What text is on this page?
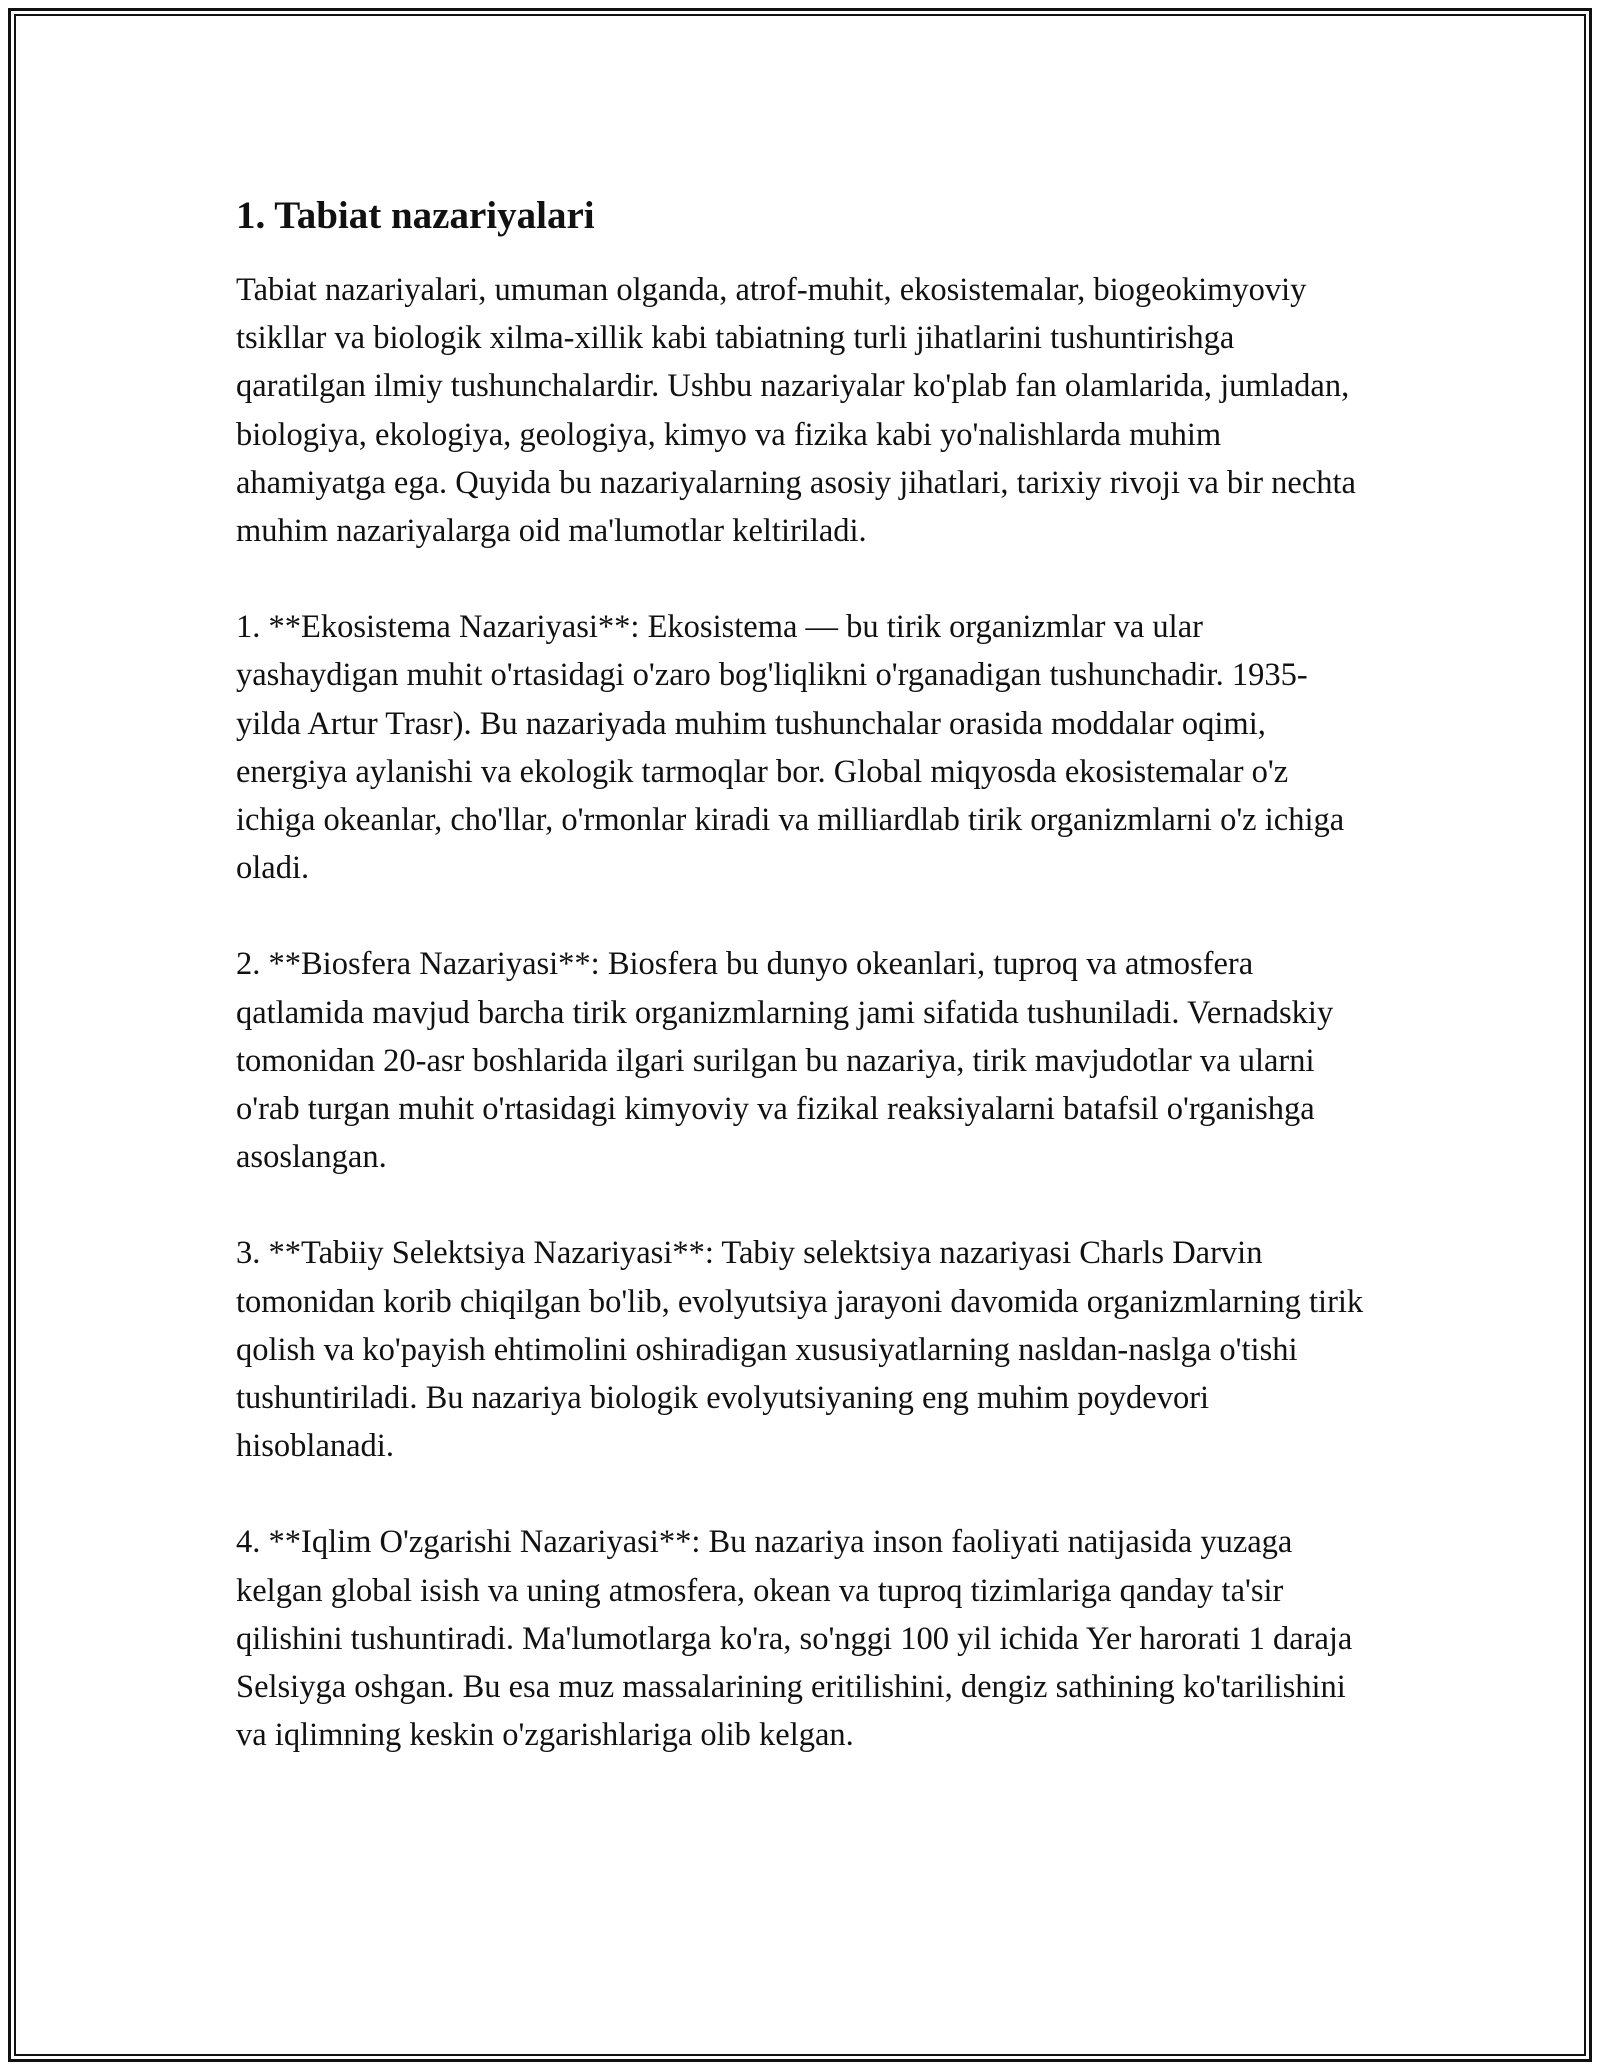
1. Tabiat nazariyalari

Tabiat nazariyalari, umuman olganda, atrof-muhit, ekosistemalar, biogeokimyoviy tsikllar va biologik xilma-xillik kabi tabiatning turli jihatlarini tushuntirishga qaratilgan ilmiy tushunchalardir. Ushbu nazariyalar ko'plab fan olamlarida, jumladan, biologiya, ekologiya, geologiya, kimyo va fizika kabi yo'nalishlarda muhim ahamiyatga ega. Quyida bu nazariyalarning asosiy jihatlari, tarixiy rivoji va bir nechta muhim nazariyalarga oid ma'lumotlar keltiriladi.

1. **Ekosistema Nazariyasi**: Ekosistema — bu tirik organizmlar va ular yashaydigan muhit o'rtasidagi o'zaro bog'liqlikni o'rganadigan tushunchadir. 1935-yilda Artur Trasr). Bu nazariyada muhim tushunchalar orasida moddalar oqimi, energiya aylanishi va ekologik tarmoqlar bor. Global miqyosda ekosistemalar o'z ichiga okeanlar, cho'llar, o'rmonlar kiradi va milliardlab tirik organizmlarni o'z ichiga oladi.

2. **Biosfera Nazariyasi**: Biosfera bu dunyo okeanlari, tuproq va atmosfera qatlamida mavjud barcha tirik organizmlarning jami sifatida tushuniladi. Vernadskiy tomonidan 20-asr boshlarida ilgari surilgan bu nazariya, tirik mavjudotlar va ularni o'rab turgan muhit o'rtasidagi kimyoviy va fizikal reaksiyalarni batafsil o'rganishga asoslangan.

3. **Tabiiy Selektsiya Nazariyasi**: Tabiy selektsiya nazariyasi Charls Darvin tomonidan korib chiqilgan bo'lib, evolyutsiya jarayoni davomida organizmlarning tirik qolish va ko'payish ehtimolini oshiradigan xususiyatlarning nasldan-naslga o'tishi tushuntiriladi. Bu nazariya biologik evolyutsiyaning eng muhim poydevori hisoblanadi.

4. **Iqlim O'zgarishi Nazariyasi**: Bu nazariya inson faoliyati natijasida yuzaga kelgan global isish va uning atmosfera, okean va tuproq tizimlariga qanday ta'sir qilishini tushuntiradi. Ma'lumotlarga ko'ra, so'nggi 100 yil ichida Yer harorati 1 daraja Selsiyga oshgan. Bu esa muz massalarining eritilishini, dengiz sathining ko'tarilishini va iqlimning keskin o'zgarishlariga olib kelgan.
